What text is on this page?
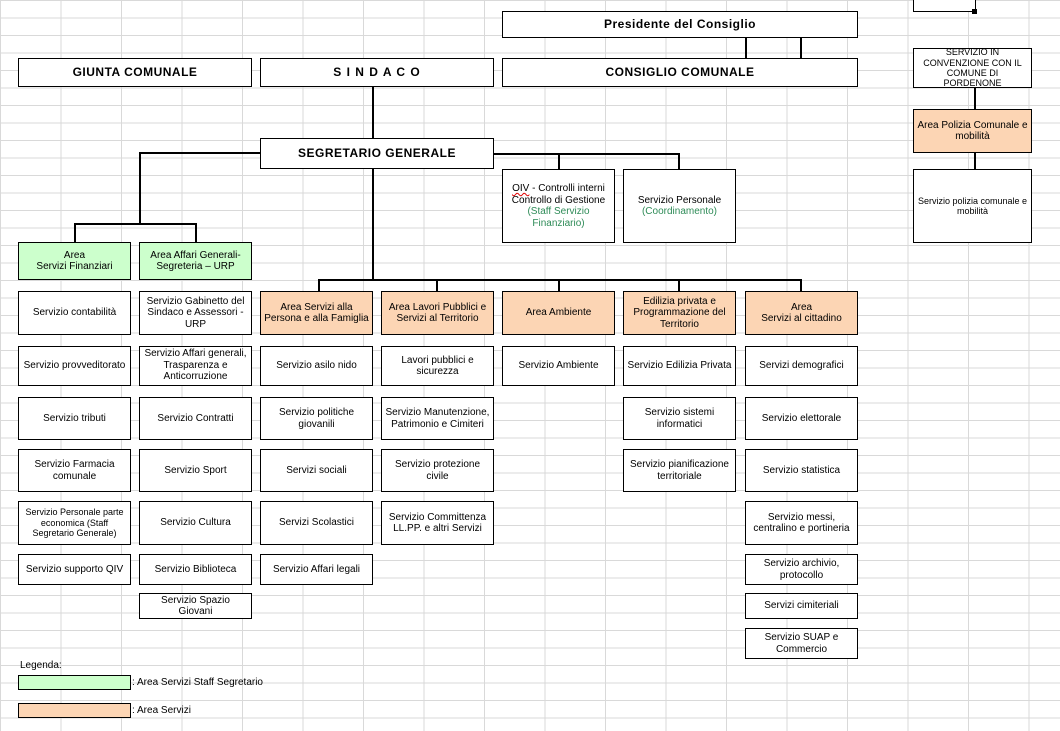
Presidente del Consiglio
GIUNTA COMUNALE	S I N D A C O	CONSIGLIO COMUNALE
SEGRETARIO GENERALE
OIV - Controlli interni Controllo di Gestione
(Staff Servizio Finanziario)
Servizio Personale
(Coordinamento)
SERVIZIO IN CONVENZIONE CON IL COMUNE DI PORDENONE
Area Polizia Comunale e mobilità
Servizio polizia comunale e mobilità
Area
Servizi Finanziari
Area Affari Generali-Segreteria – URP
Area Servizi alla Persona e alla Famiglia
Area Lavori Pubblici e Servizi al Territorio
Area Ambiente
Edilizia privata e Programmazione del Territorio
Area
Servizi al cittadino
Servizio contabilità
Servizio provveditorato
Servizio tributi
Servizio Farmacia comunale
Servizio Personale parte economica (Staff Segretario Generale)
Servizio supporto QIV
Servizio Gabinetto del Sindaco e Assessori - URP
Servizio Affari generali, Trasparenza e Anticorruzione
Servizio Contratti
Servizio Sport
Servizio Cultura
Servizio Biblioteca
Servizio Spazio Giovani
Servizio asilo nido
Servizio politiche giovanili
Servizi sociali
Servizi Scolastici
Servizio Affari legali
Lavori pubblici e sicurezza
Servizio Manutenzione, Patrimonio e Cimiteri
Servizio protezione civile
Servizio Committenza LL.PP. e altri Servizi
Servizio Ambiente	Servizio Edilizia Privata
Servizio sistemi informatici
Servizio pianificazione territoriale
Servizi demografici
Servizio elettorale
Servizio statistica
Servizio messi, centralino e portineria
Servizio archivio, protocollo
Servizi cimiteriali
Servizio SUAP e Commercio
Legenda:
: Area Servizi Staff Segretario
: Area Servizi
